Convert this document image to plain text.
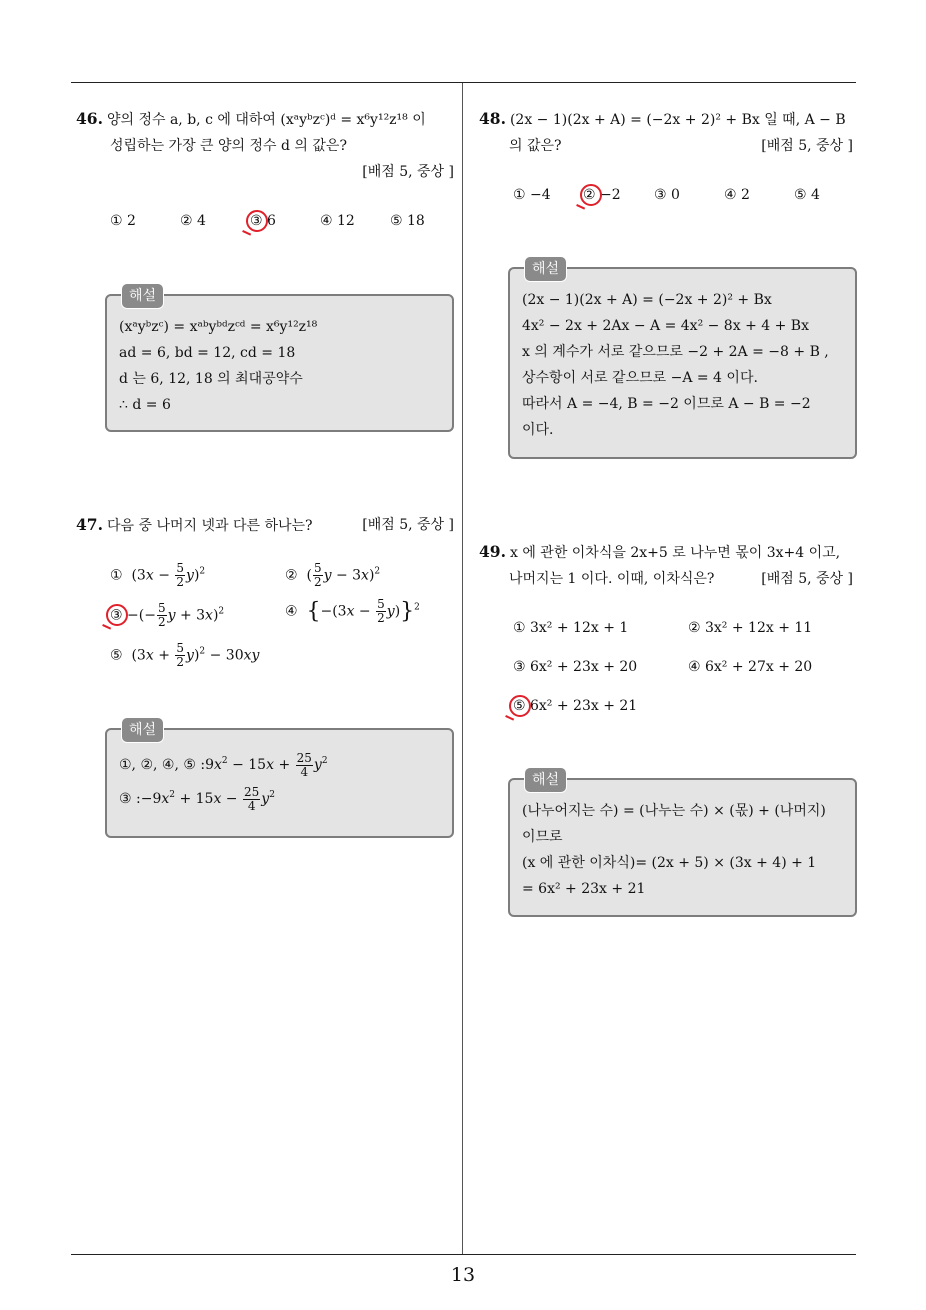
13
46. 양의 정수 a, b, c 에 대하여 (xᵃyᵇzᶜ)ᵈ = x⁶y¹²z¹⁸ 이
성립하는 가장 큰 양의 정수 d 의 값은?
[배점 5, 중상 ]
① 2	② 4	③ 6	④ 12	⑤ 18
해설
(xᵃyᵇzᶜ) = xᵃᵇyᵇᵈzᶜᵈ = x⁶y¹²z¹⁸
ad = 6, bd = 12, cd = 18
d 는 6, 12, 18 의 최대공약수
∴ d = 6
47. 다음 중 나머지 넷과 다른 하나는?	[배점 5, 중상 ]
①  $(3x - \frac{5}{2} y)^2$	②  ( $\frac{5}{2}$ y − 3x)$^2$
③ −(− $\frac{5}{2}$ y + 3x)$^2$	④ $\{-(3x - \frac{5}{2} y)\}^2$
⑤  $(3x + \frac{5}{2} y)^2 - 30xy$
해설
①, ②, ④, ⑤ $:9x^2 - 15x + \frac{25}{4} y^2$
③ $:-9x^2 + 15x - \frac{25}{4} y^2$
48. (2x − 1)(2x + A) = (−2x + 2)² + Bx 일 때, A − B
의 값은?	[배점 5, 중상 ]
① −4 ② −2 ③ 0	④ 2	⑤ 4
해설
(2x − 1)(2x + A) = (−2x + 2)² + Bx
4x² − 2x + 2Ax − A = 4x² − 8x + 4 + Bx
x 의 계수가 서로 같으므로 −2 + 2A = −8 + B ,
상수항이 서로 같으므로 −A = 4 이다.
따라서 A = −4, B = −2 이므로 A − B = −2
이다.
49. x 에 관한 이차식을 2x+5 로 나누면 몫이 3x+4 이고,
나머지는 1 이다. 이때, 이차식은?	[배점 5, 중상 ]
① 3x² + 12x + 1	② 3x² + 12x + 11
③ 6x² + 23x + 20	④ 6x² + 27x + 20
⑤ 6x² + 23x + 21
해설
(나누어지는 수) = (나누는 수) × (몫) + (나머지)
이므로
(x 에 관한 이차식)= (2x + 5) × (3x + 4) + 1
= 6x² + 23x + 21
